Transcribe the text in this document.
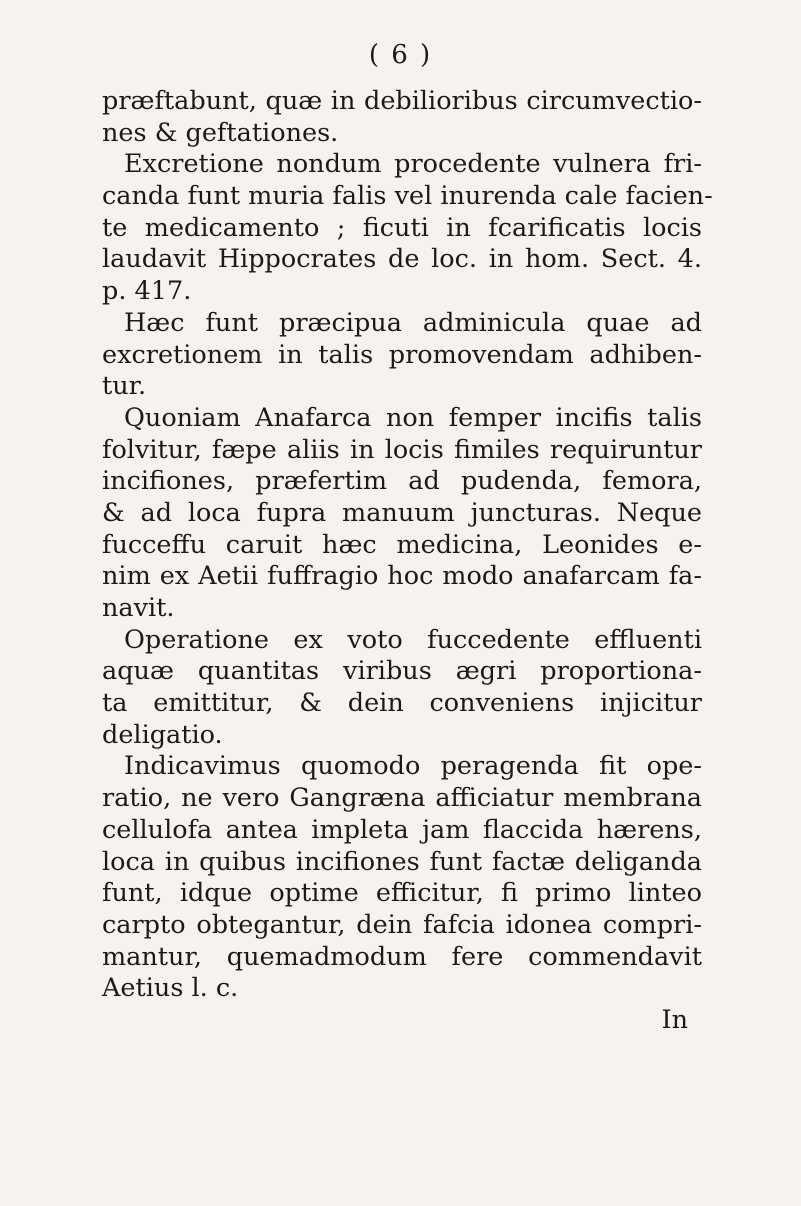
( 6 )
præftabunt, quæ in debilioribus circumvectio-
nes & geftationes.
Excretione nondum procedente vulnera fri-
canda funt muria falis vel inurenda cale facien-
te medicamento ; ficuti in fcarificatis locis
laudavit Hippocrates de loc. in hom. Sect. 4.
p. 417.
Hæc funt præcipua adminicula quae ad
excretionem in talis promovendam adhiben-
tur.
Quoniam Anafarca non femper incifis talis
folvitur, fæpe aliis in locis fimiles requiruntur
incifiones, præfertim ad pudenda, femora,
& ad loca fupra manuum juncturas. Neque
fucceffu caruit hæc medicina, Leonides e-
nim ex Aetii fuffragio hoc modo anafarcam fa-
navit.
Operatione ex voto fuccedente effluenti
aquæ quantitas viribus ægri proportiona-
ta emittitur, & dein conveniens injicitur
deligatio.
Indicavimus quomodo peragenda fit ope-
ratio, ne vero Gangræna afficiatur membrana
cellulofa antea impleta jam flaccida hærens,
loca in quibus incifiones funt factæ deliganda
funt, idque optime efficitur, fi primo linteo
carpto obtegantur, dein fafcia idonea compri-
mantur, quemadmodum fere commendavit
Aetius l. c.
In
